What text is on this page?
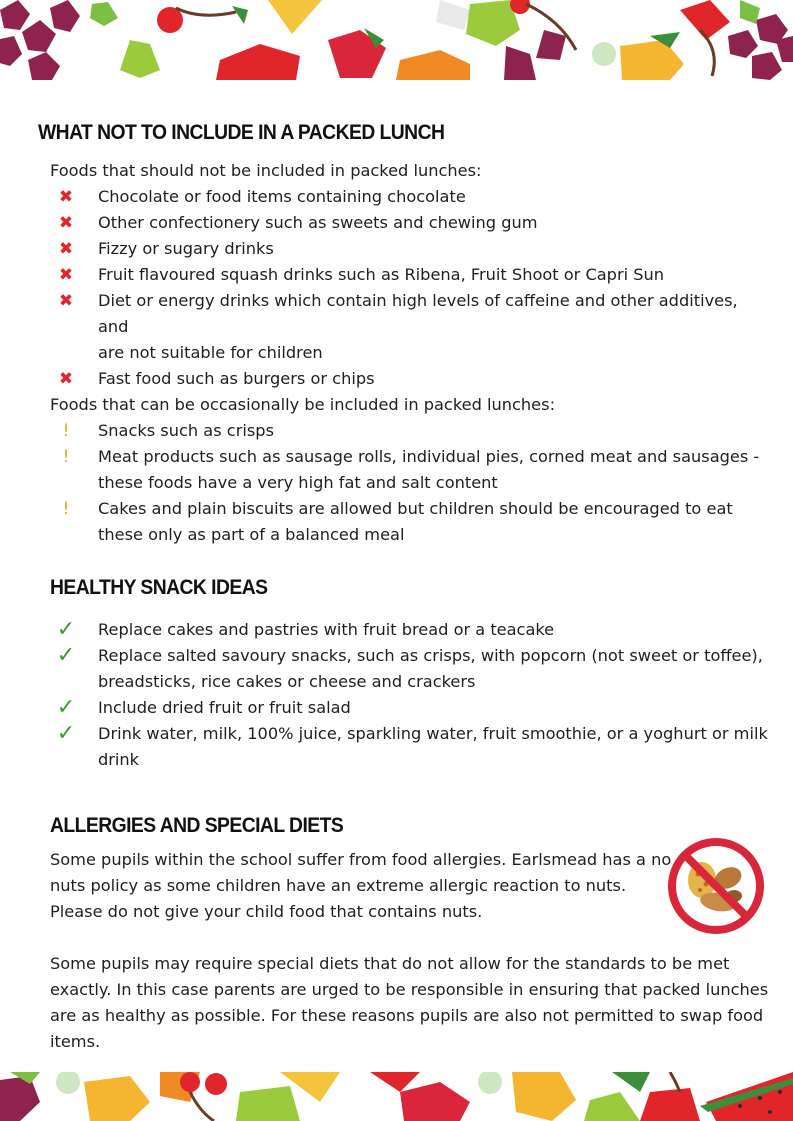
WHAT NOT TO INCLUDE IN A PACKED LUNCH
Foods that should not be included in packed lunches:
✖	Chocolate or food items containing chocolate
✖	Other confectionery such as sweets and chewing gum
✖	Fizzy or sugary drinks
✖	Fruit flavoured squash drinks such as Ribena, Fruit Shoot or Capri Sun
✖	Diet or energy drinks which contain high levels of caffeine and other additives, and
are not suitable for children
✖	Fast food such as burgers or chips
Foods that can be occasionally be included in packed lunches:
!	Snacks such as crisps
!	Meat products such as sausage rolls, individual pies, corned meat and sausages -
these foods have a very high fat and salt content
!	Cakes and plain biscuits are allowed but children should be encouraged to eat
these only as part of a balanced meal
HEALTHY SNACK IDEAS
✓ Replace cakes and pastries with fruit bread or a teacake
✓ Replace salted savoury snacks, such as crisps, with popcorn (not sweet or toffee),
breadsticks, rice cakes or cheese and crackers
✓ Include dried fruit or fruit salad
✓ Drink water, milk, 100% juice, sparkling water, fruit smoothie, or a yoghurt or milk
drink
ALLERGIES AND SPECIAL DIETS
Some pupils within the school suffer from food allergies. Earlsmead has a no
nuts policy as some children have an extreme allergic reaction to nuts.
Please do not give your child food that contains nuts.
Some pupils may require special diets that do not allow for the standards to be met
exactly. In this case parents are urged to be responsible in ensuring that packed lunches
are as healthy as possible. For these reasons pupils are also not permitted to swap food
items.
